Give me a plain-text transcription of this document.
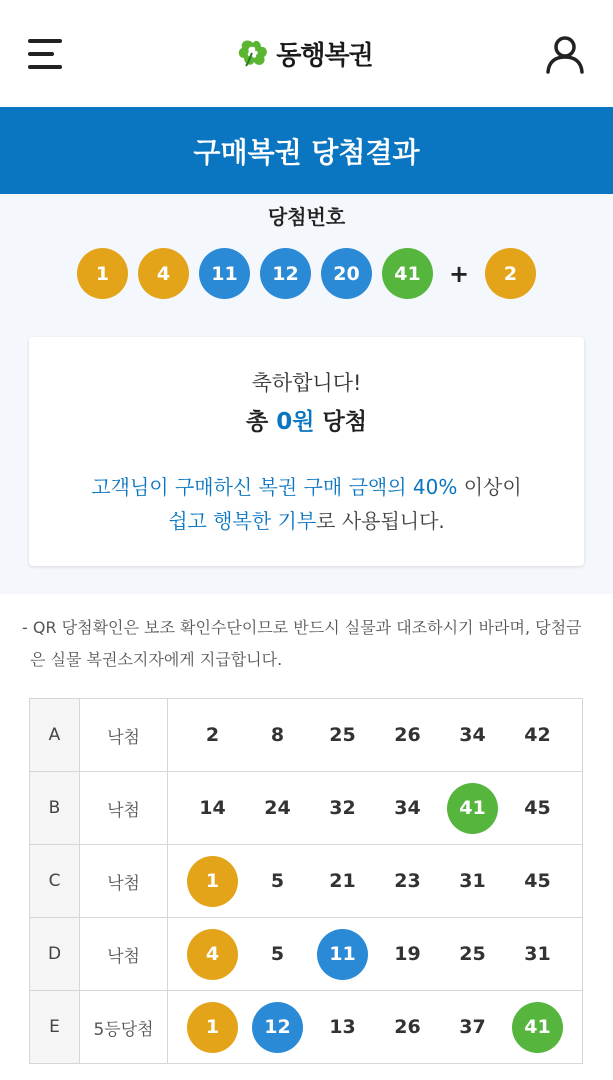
동행복권
구매복권 당첨결과
당첨번호
1	4	11	12	20	41	+	2
축하합니다!
총 0원 당첨
고객님이 구매하신 복권 구매 금액의 40% 이상이
쉽고 행복한 기부로 사용됩니다.
- QR 당첨확인은 보조 확인수단이므로 반드시 실물과 대조하시기 바라며, 당첨금은 실물 복권소지자에게 지급합니다.
A	낙첨	2	8	25	26	34	42
B	낙첨	14	24	32	34	41	45
C	낙첨	1	5	21	23	31	45
D	낙첨	4	5	11	19	25	31
E	5등당첨	1	12	13	26	37	41
